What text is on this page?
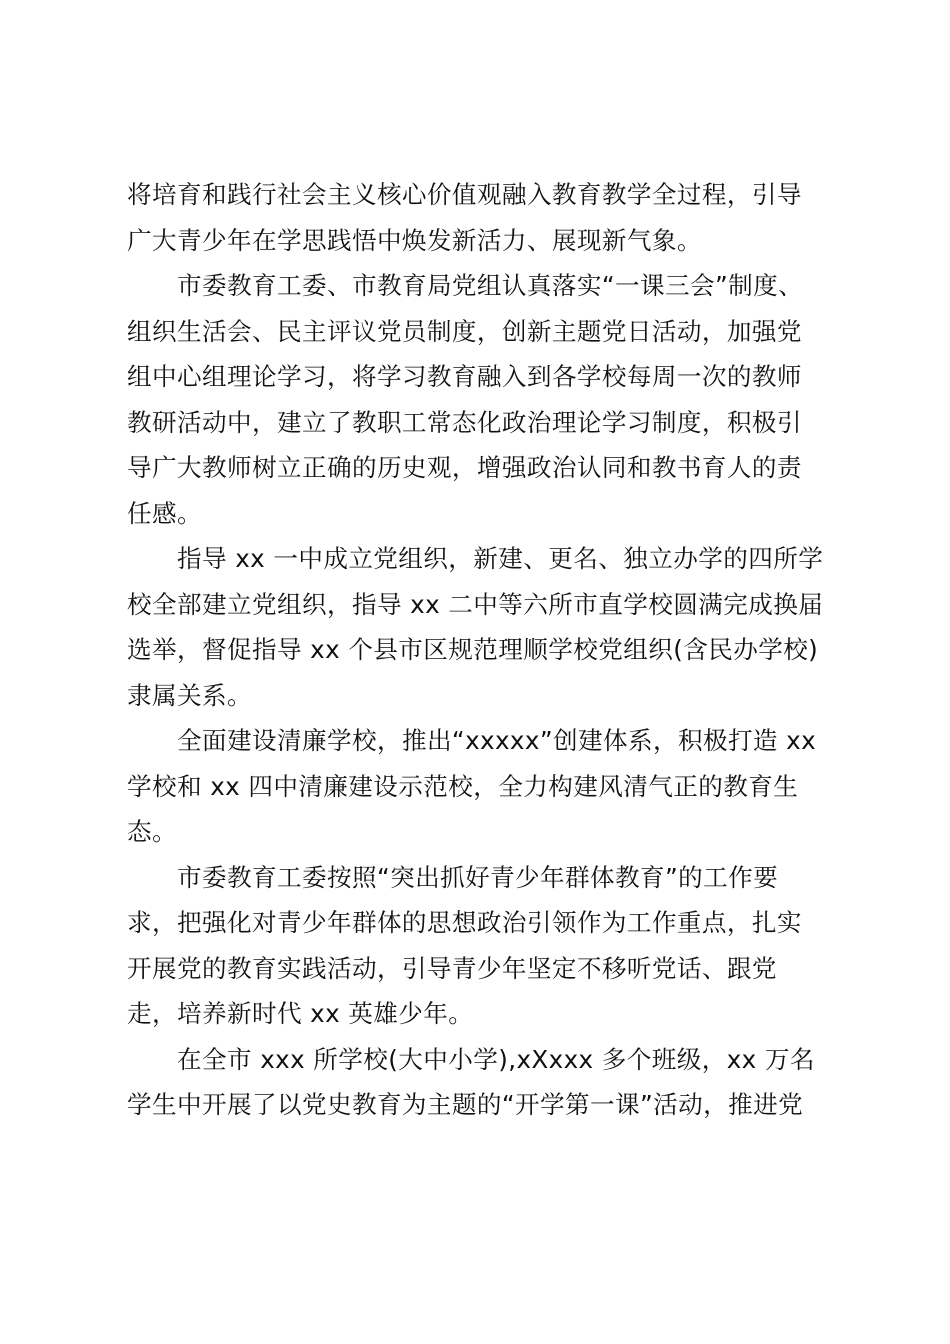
将培育和践行社会主义核心价值观融入教育教学全过程，引导
广大青少年在学思践悟中焕发新活力、展现新气象。
市委教育工委、市教育局党组认真落实“一课三会”制度、
组织生活会、民主评议党员制度，创新主题党日活动，加强党
组中心组理论学习，将学习教育融入到各学校每周一次的教师
教研活动中，建立了教职工常态化政治理论学习制度，积极引
导广大教师树立正确的历史观，增强政治认同和教书育人的责
任感。
指导 xx 一中成立党组织，新建、更名、独立办学的四所学
校全部建立党组织，指导 xx 二中等六所市直学校圆满完成换届
选举，督促指导 xx 个县市区规范理顺学校党组织(含民办学校)
隶属关系。
全面建设清廉学校，推出“xxxxx”创建体系，积极打造 xx
学校和 xx 四中清廉建设示范校，全力构建风清气正的教育生
态。
市委教育工委按照“突出抓好青少年群体教育”的工作要
求，把强化对青少年群体的思想政治引领作为工作重点，扎实
开展党的教育实践活动，引导青少年坚定不移听党话、跟党
走，培养新时代 xx 英雄少年。
在全市 xxx 所学校(大中小学),xXxxx 多个班级，xx 万名
学生中开展了以党史教育为主题的“开学第一课”活动，推进党
